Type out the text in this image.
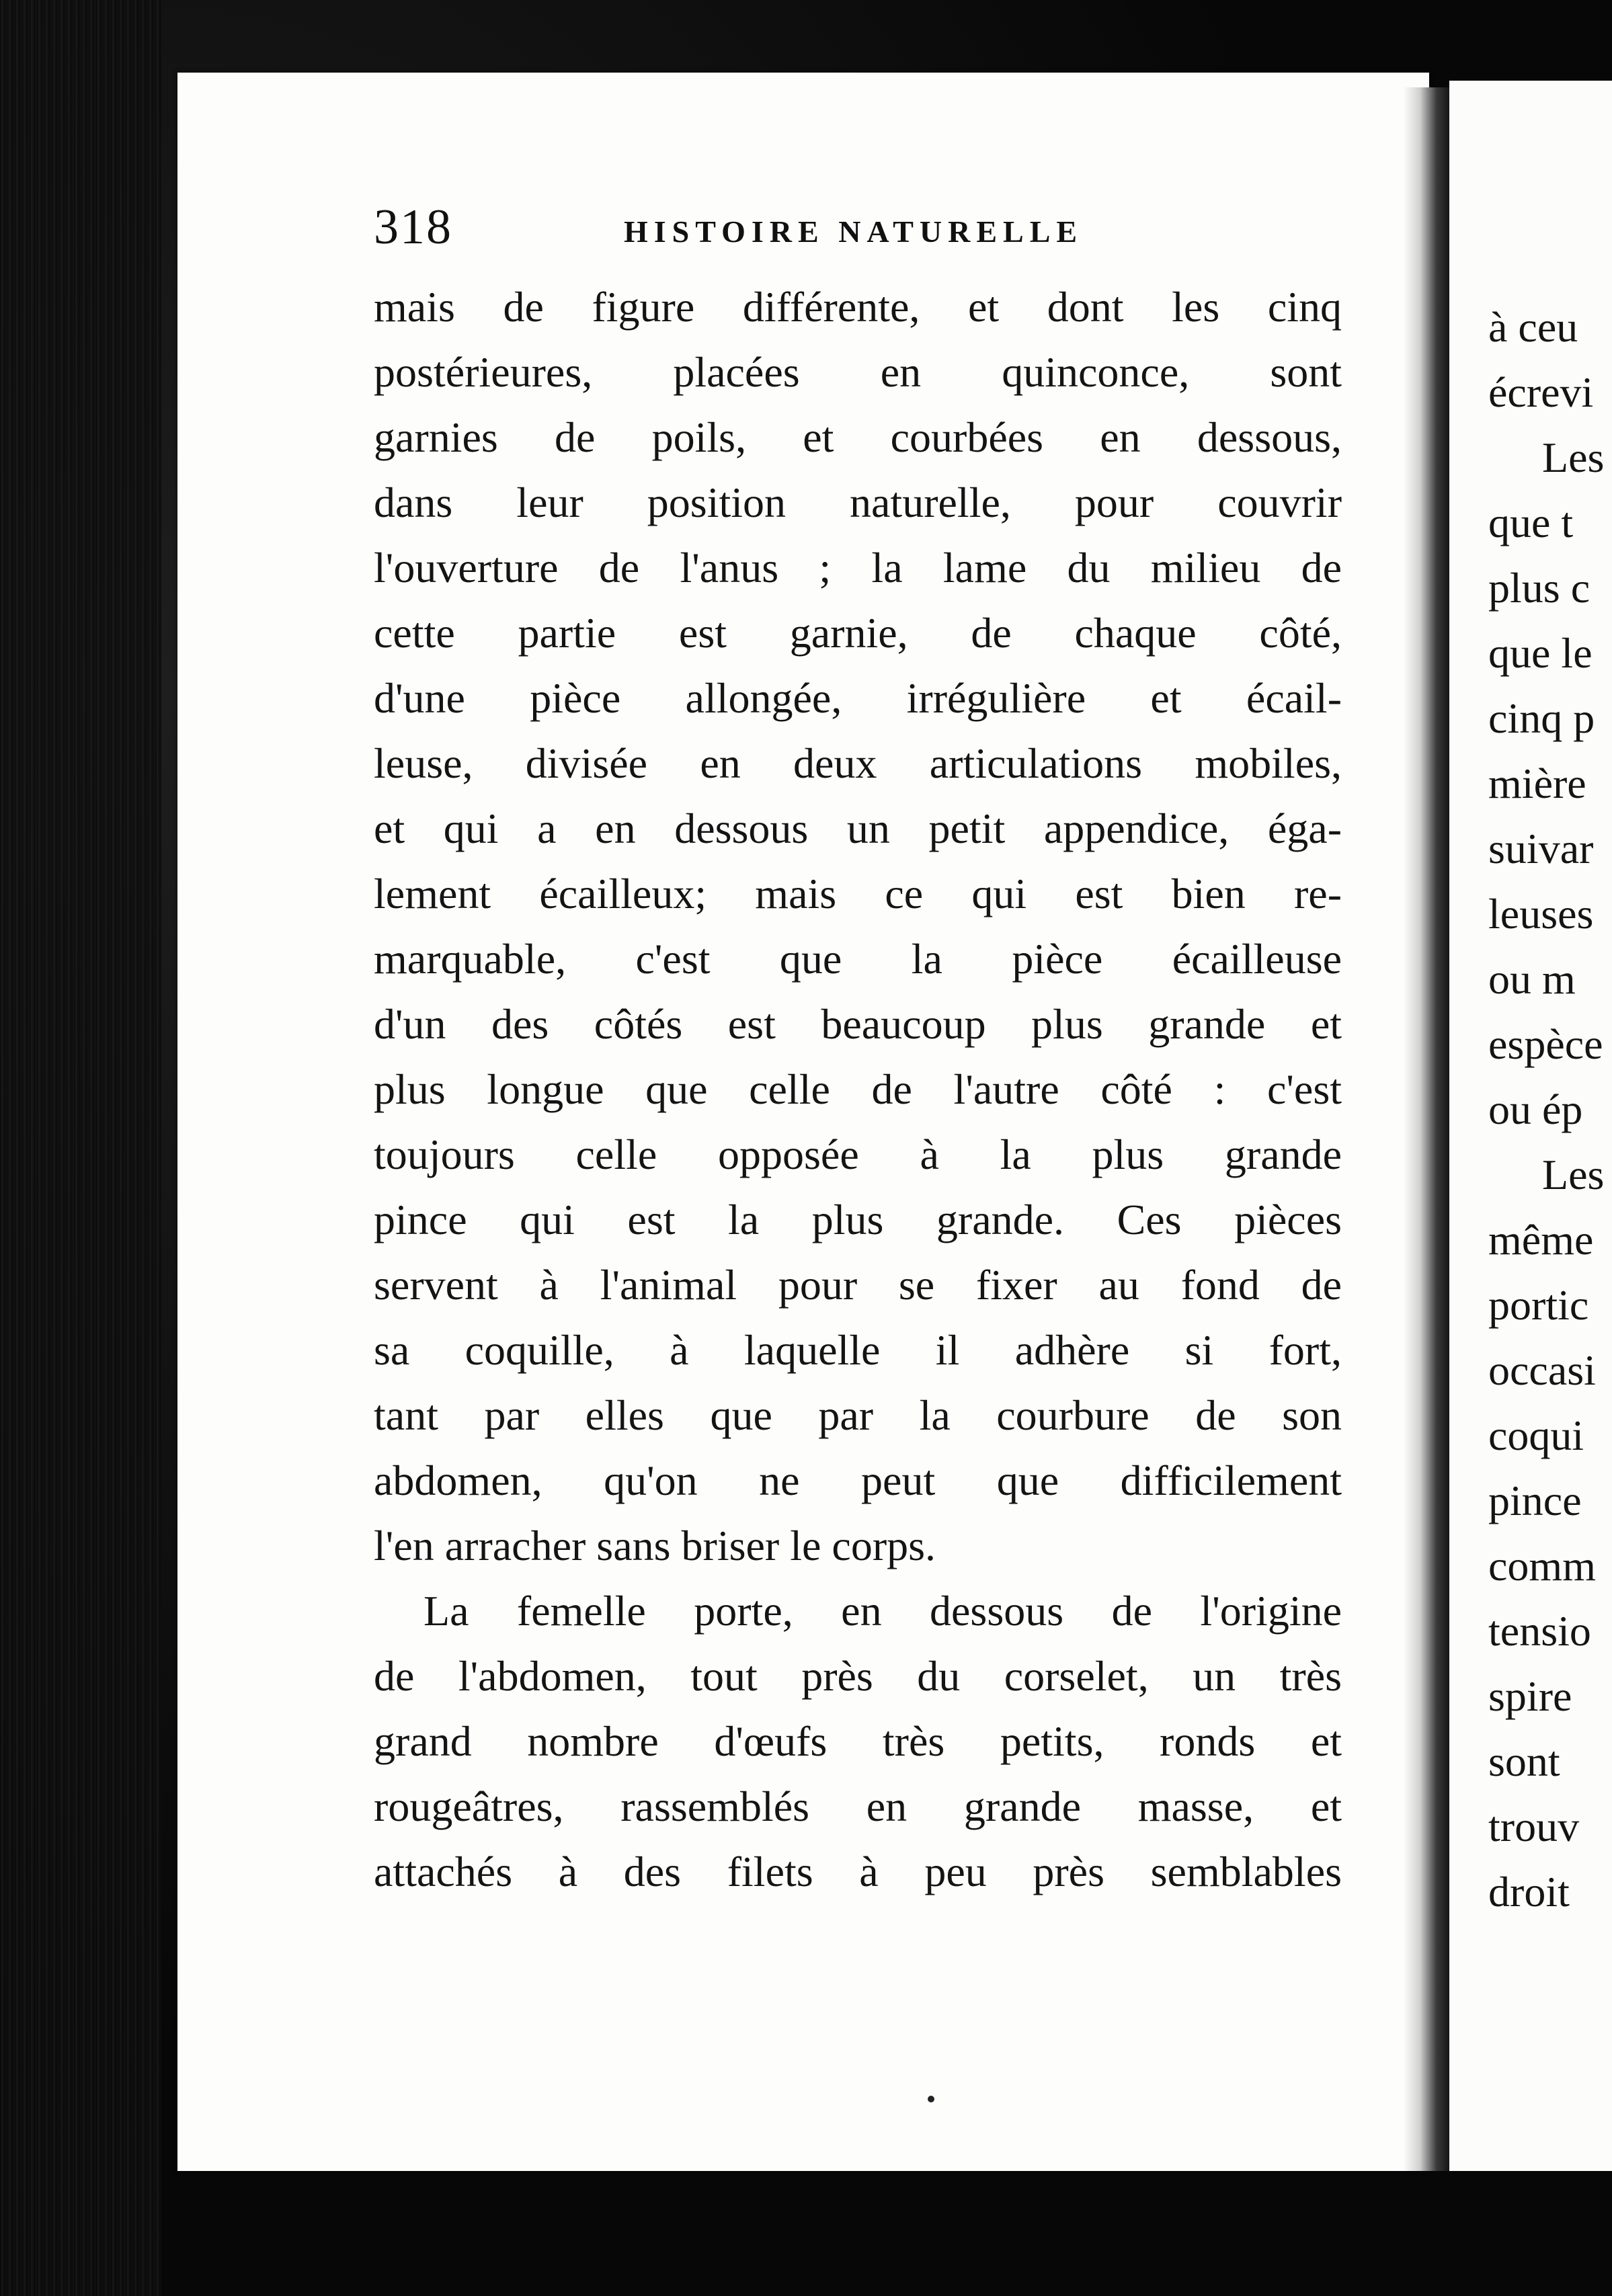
318	HISTOIRE NATURELLE
mais de figure différente, et dont les cinq
postérieures, placées en quinconce, sont
garnies de poils, et courbées en dessous,
dans leur position naturelle, pour couvrir
l'ouverture de l'anus ; la lame du milieu de
cette partie est garnie, de chaque côté,
d'une pièce allongée, irrégulière et écail-
leuse, divisée en deux articulations mobiles,
et qui a en dessous un petit appendice, éga-
lement écailleux; mais ce qui est bien re-
marquable, c'est que la pièce écailleuse
d'un des côtés est beaucoup plus grande et
plus longue que celle de l'autre côté : c'est
toujours celle opposée à la plus grande
pince qui est la plus grande. Ces pièces
servent à l'animal pour se fixer au fond de
sa coquille, à laquelle il adhère si fort,
tant par elles que par la courbure de son
abdomen, qu'on ne peut que difficilement
l'en arracher sans briser le corps.
La femelle porte, en dessous de l'origine
de l'abdomen, tout près du corselet, un très
grand nombre d'œufs très petits, ronds et
rougeâtres, rassemblés en grande masse, et
attachés à des filets à peu près semblables
à ceu
écrevi
Les
que t
plus c
que le
cinq p
mière
suivar
leuses
ou m
espèce
ou ép
Les
même
portic
occasi
coqui
pince
comm
tensio
spire
sont
trouv
droit
